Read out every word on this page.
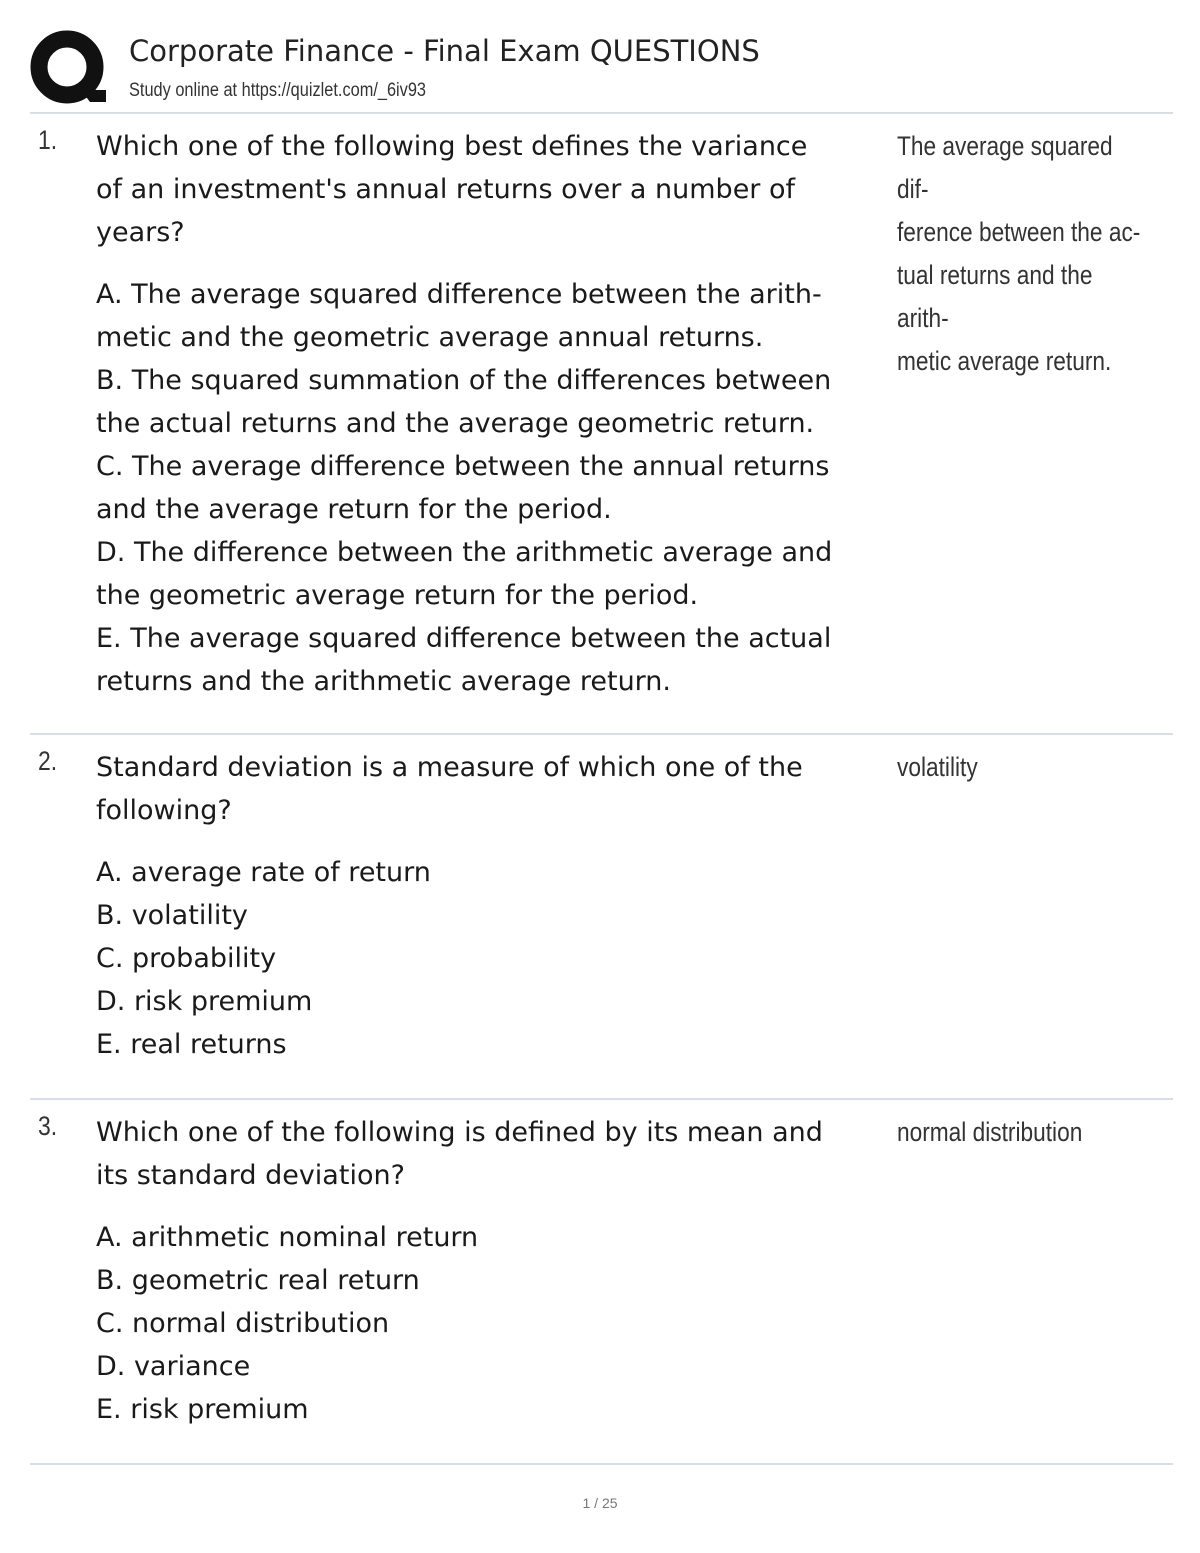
Corporate Finance - Final Exam QUESTIONS
Study online at https://quizlet.com/_6iv93
1. Which one of the following best defines the variance
of an investment's annual returns over a number of
years?

A. The average squared difference between the arith-
metic and the geometric average annual returns.
B. The squared summation of the differences between
the actual returns and the average geometric return.
C. The average difference between the annual returns
and the average return for the period.
D. The difference between the arithmetic average and
the geometric average return for the period.
E. The average squared difference between the actual
returns and the arithmetic average return.

The average squared dif-
ference between the ac-
tual returns and the arith-
metic average return.
2. Standard deviation is a measure of which one of the
following?

A. average rate of return
B. volatility
C. probability
D. risk premium
E. real returns

volatility
3. Which one of the following is defined by its mean and
its standard deviation?

A. arithmetic nominal return
B. geometric real return
C. normal distribution
D. variance
E. risk premium

normal distribution
1 / 25
